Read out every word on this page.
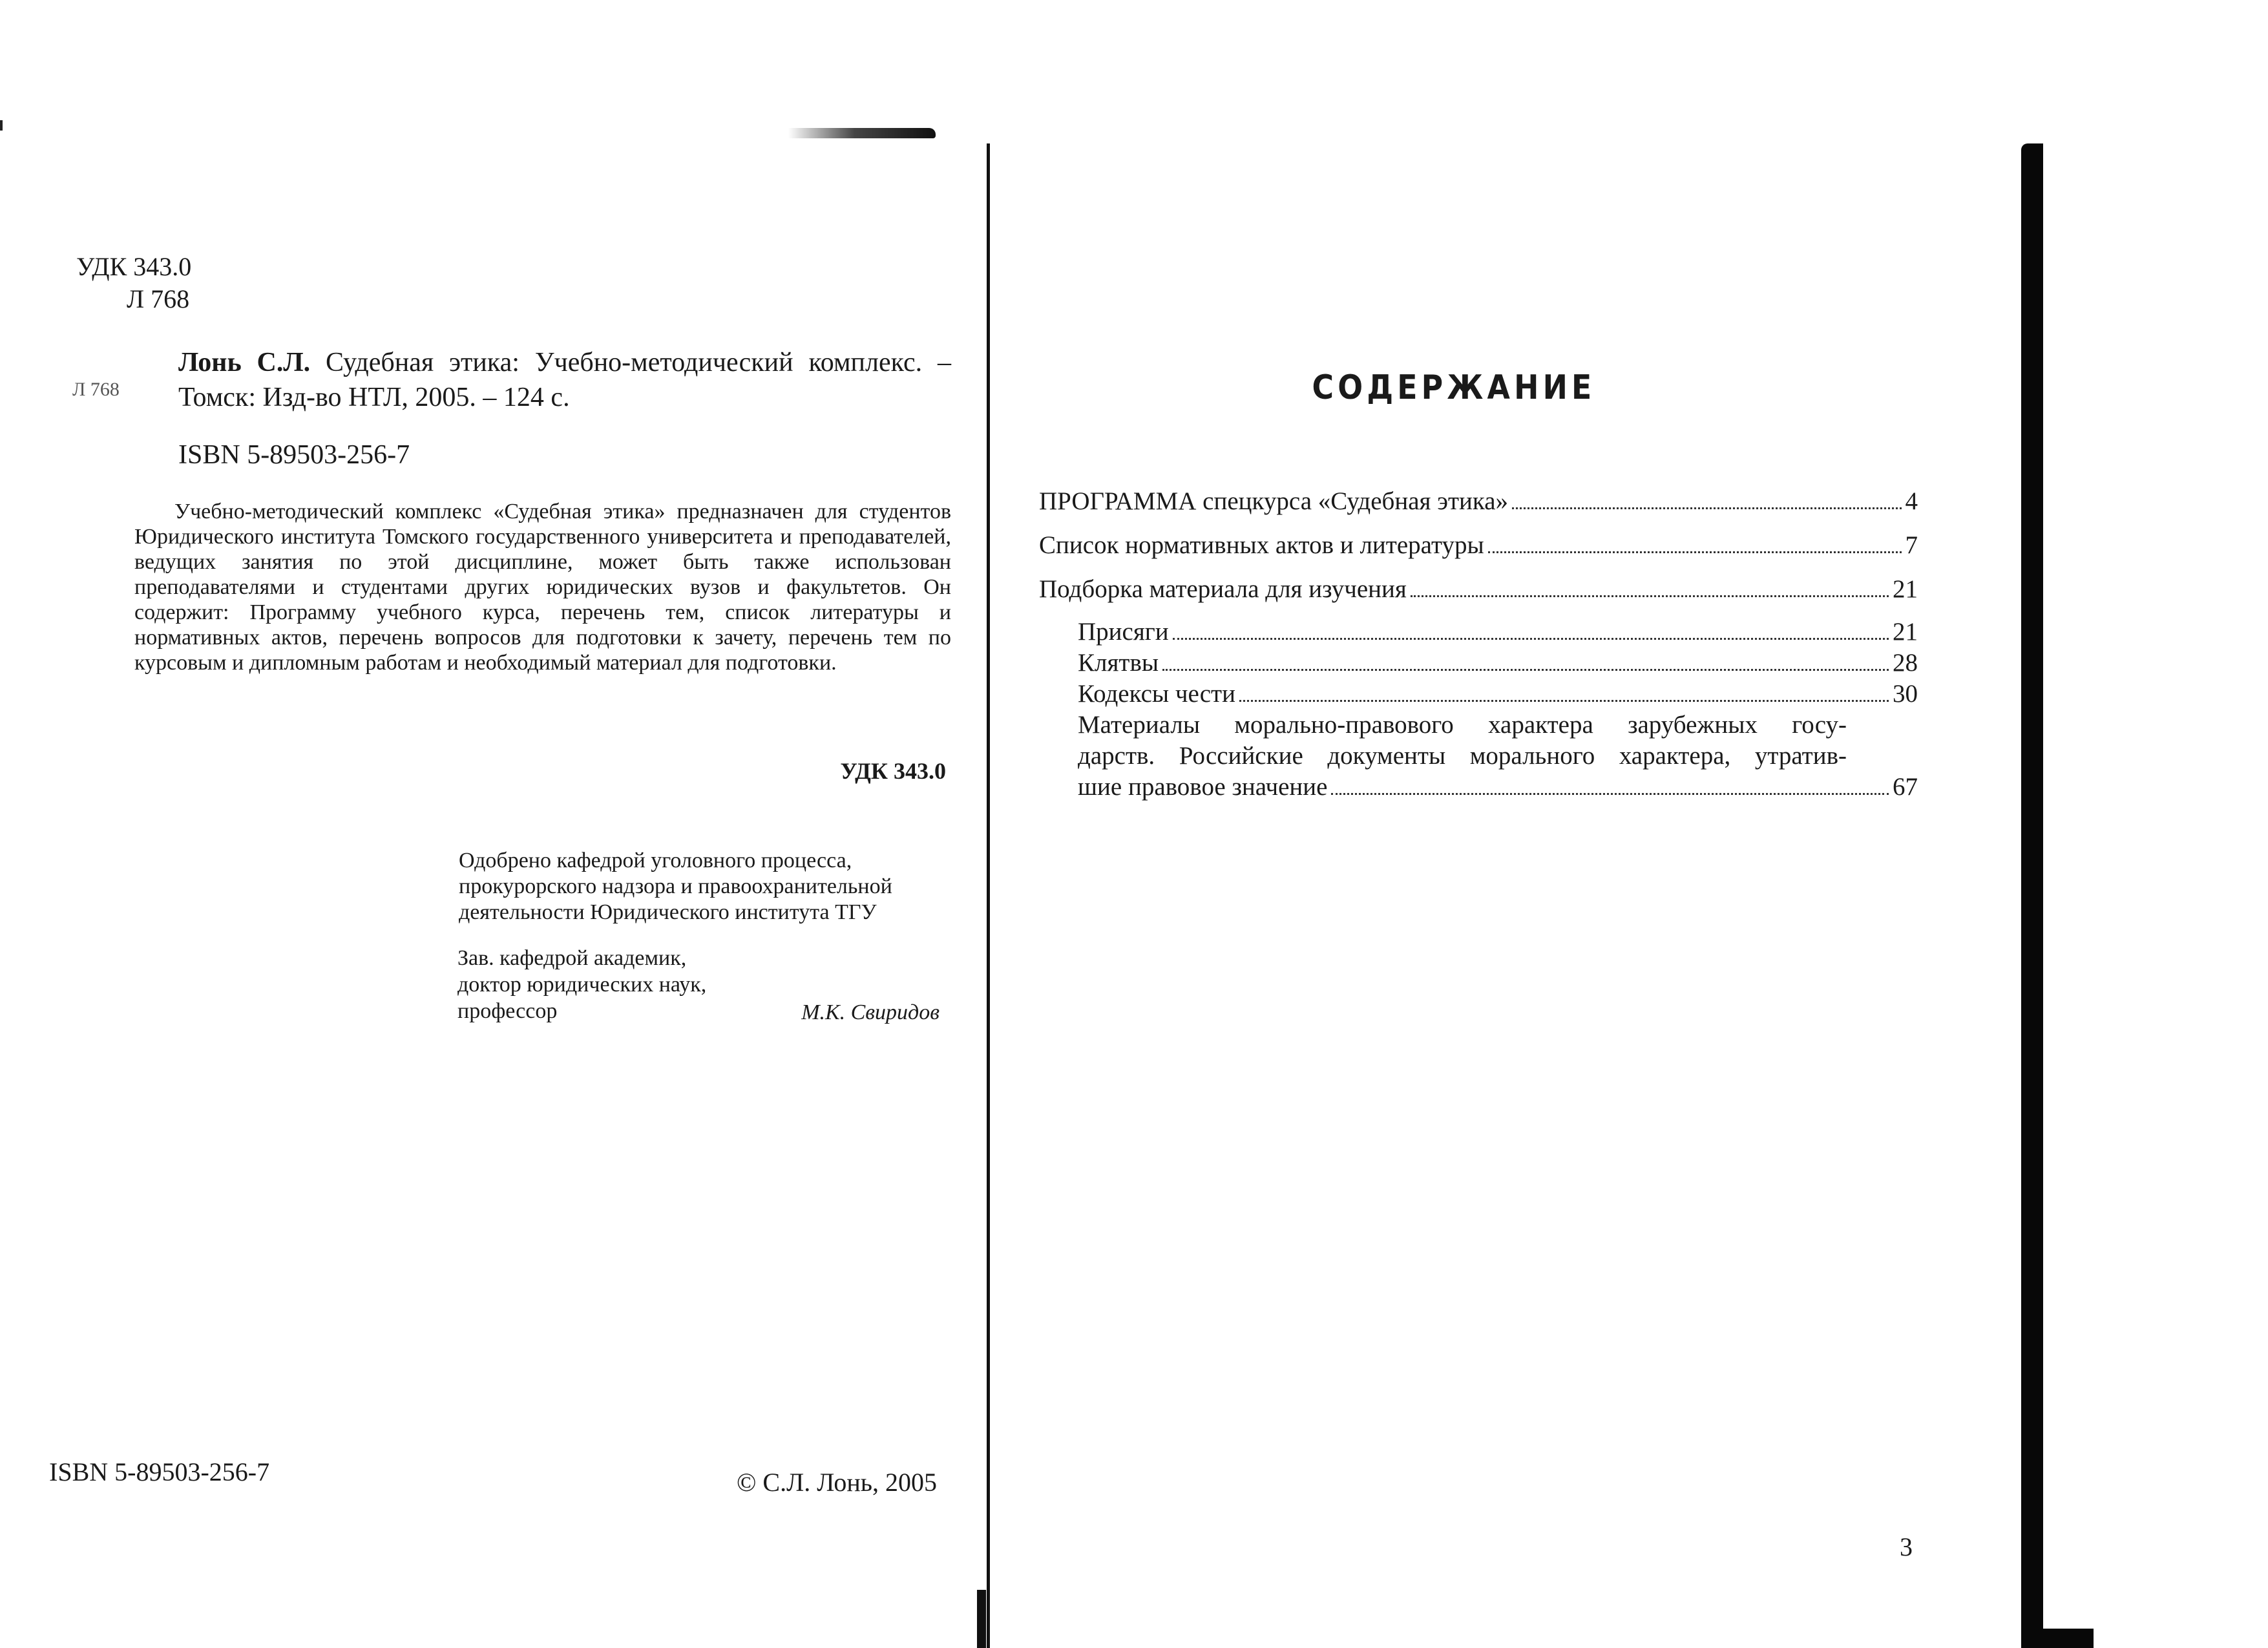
УДК 343.0
Л 768
Л 768
Лонь С.Л. Судебная этика: Учебно-методический комплекс. – Томск: Изд-во НТЛ, 2005. – 124 с.
ISBN 5-89503-256-7
Учебно-методический комплекс «Судебная этика» предназначен для студентов Юридического института Томского государственного университета и преподавателей, ведущих занятия по этой дисциплине, может быть также использован преподавателями и студентами других юридических вузов и факультетов. Он содержит: Программу учебного курса, перечень тем, список литературы и нормативных актов, перечень вопросов для подготовки к зачету, перечень тем по курсовым и дипломным работам и необходимый материал для подготовки.
УДК 343.0
Одобрено кафедрой уголовного процесса,
прокурорского надзора и правоохранительной
деятельности Юридического института ТГУ
Зав. кафедрой академик,
доктор юридических наук,
профессор	М.К. Свиридов
ISBN 5-89503-256-7	© С.Л. Лонь, 2005
СОДЕРЖАНИЕ
ПРОГРАММА спецкурса «Судебная этика»	4
Список нормативных актов и литературы	7
Подборка материала для изучения	21
Присяги	21
Клятвы	28
Кодексы чести	30
Материалы морально-правового характера зарубежных госу-
дарств. Российские документы морального характера, утратив-
шие правовое значение	67
3
